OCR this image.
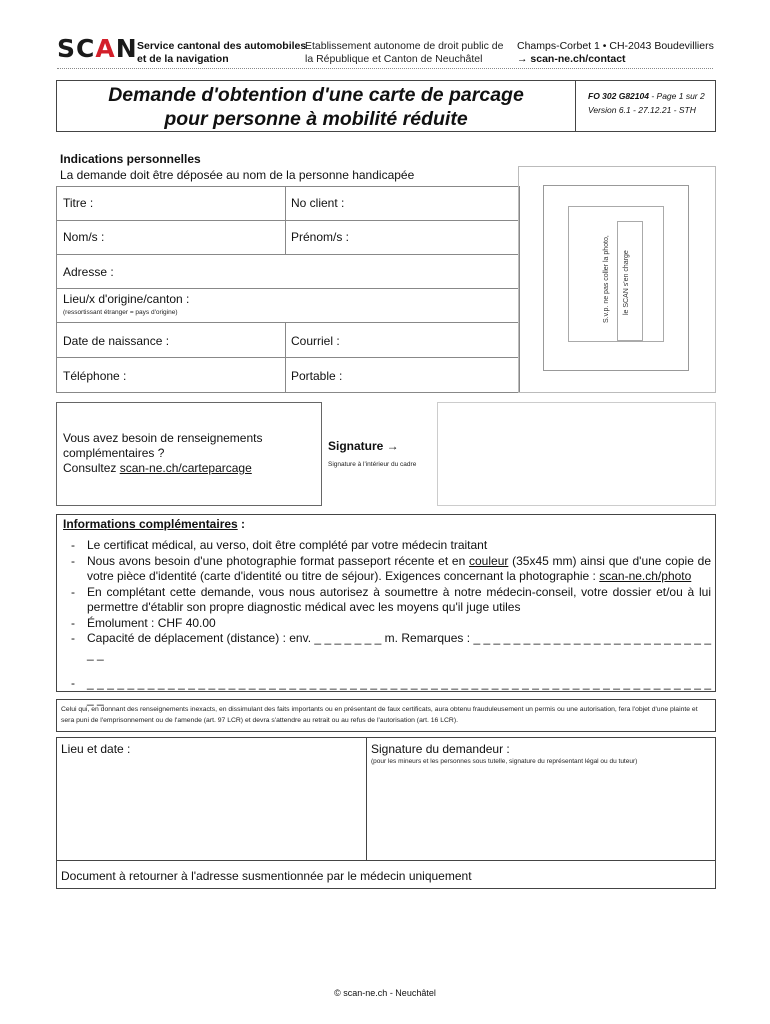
SCAN Service cantonal des automobiles
et de la navigation
Etablissement autonome de droit public de
la République et Canton de Neuchâtel
Champs-Corbet 1 • CH-2043 Boudevilliers
→ scan-ne.ch/contact
Demande d'obtention d'une carte de parcage
pour personne à mobilité réduite
FO 302 G82104 - Page 1 sur 2
Version 6.1 - 27.12.21 - STH
Indications personnelles
La demande doit être déposée au nom de la personne handicapée
Titre :	No client :
Nom/s :	Prénom/s :
Adresse :
Lieu/x d'origine/canton :
(ressortissant étranger = pays d'origine)
Date de naissance :	Courriel :
Téléphone :	Portable :
S.v.p. ne pas coller la photo, le SCAN s'en charge
Vous avez besoin de renseignements
complémentaires ?
Consultez scan-ne.ch/carteparcage
Signature →
Signature à l'intérieur du cadre
Informations complémentaires :
- Le certificat médical, au verso, doit être complété par votre médecin traitant
- Nous avons besoin d'une photographie format passeport récente et en couleur (35x45 mm) ainsi que d'une copie de votre pièce d'identité (carte d'identité ou titre de séjour). Exigences concernant la photographie : scan-ne.ch/photo
- En complétant cette demande, vous nous autorisez à soumettre à notre médecin-conseil, votre dossier et/ou à lui permettre d'établir son propre diagnostic médical avec les moyens qu'il juge utiles
- Émolument : CHF 40.00
- Capacité de déplacement (distance) : env. _ _ _ _ _ _ _ m. Remarques : _ _ _ _ _ _ _ _ _ _ _ _ _ _ _ _ _ _ _ _ _ _ _ _ _ _
- _ _ _ _ _ _ _ _ _ _ _ _ _ _ _ _ _ _ _ _ _ _ _ _ _ _ _ _ _ _ _ _ _ _ _ _ _ _ _ _ _ _ _ _ _ _ _ _ _ _ _ _ _ _ _ _ _ _ _ _ _ _ _ _
Celui qui, en donnant des renseignements inexacts, en dissimulant des faits importants ou en présentant de faux certificats, aura obtenu frauduleusement un permis ou une autorisation, fera l'objet d'une plainte et sera puni de l'emprisonnement ou de l'amende (art. 97 LCR) et devra s'attendre au retrait ou au refus de l'autorisation (art. 16 LCR).
Lieu et date :	Signature du demandeur :
(pour les mineurs et les personnes sous tutelle, signature du représentant légal ou du tuteur)
Document à retourner à l'adresse susmentionnée par le médecin uniquement
© scan-ne.ch - Neuchâtel
